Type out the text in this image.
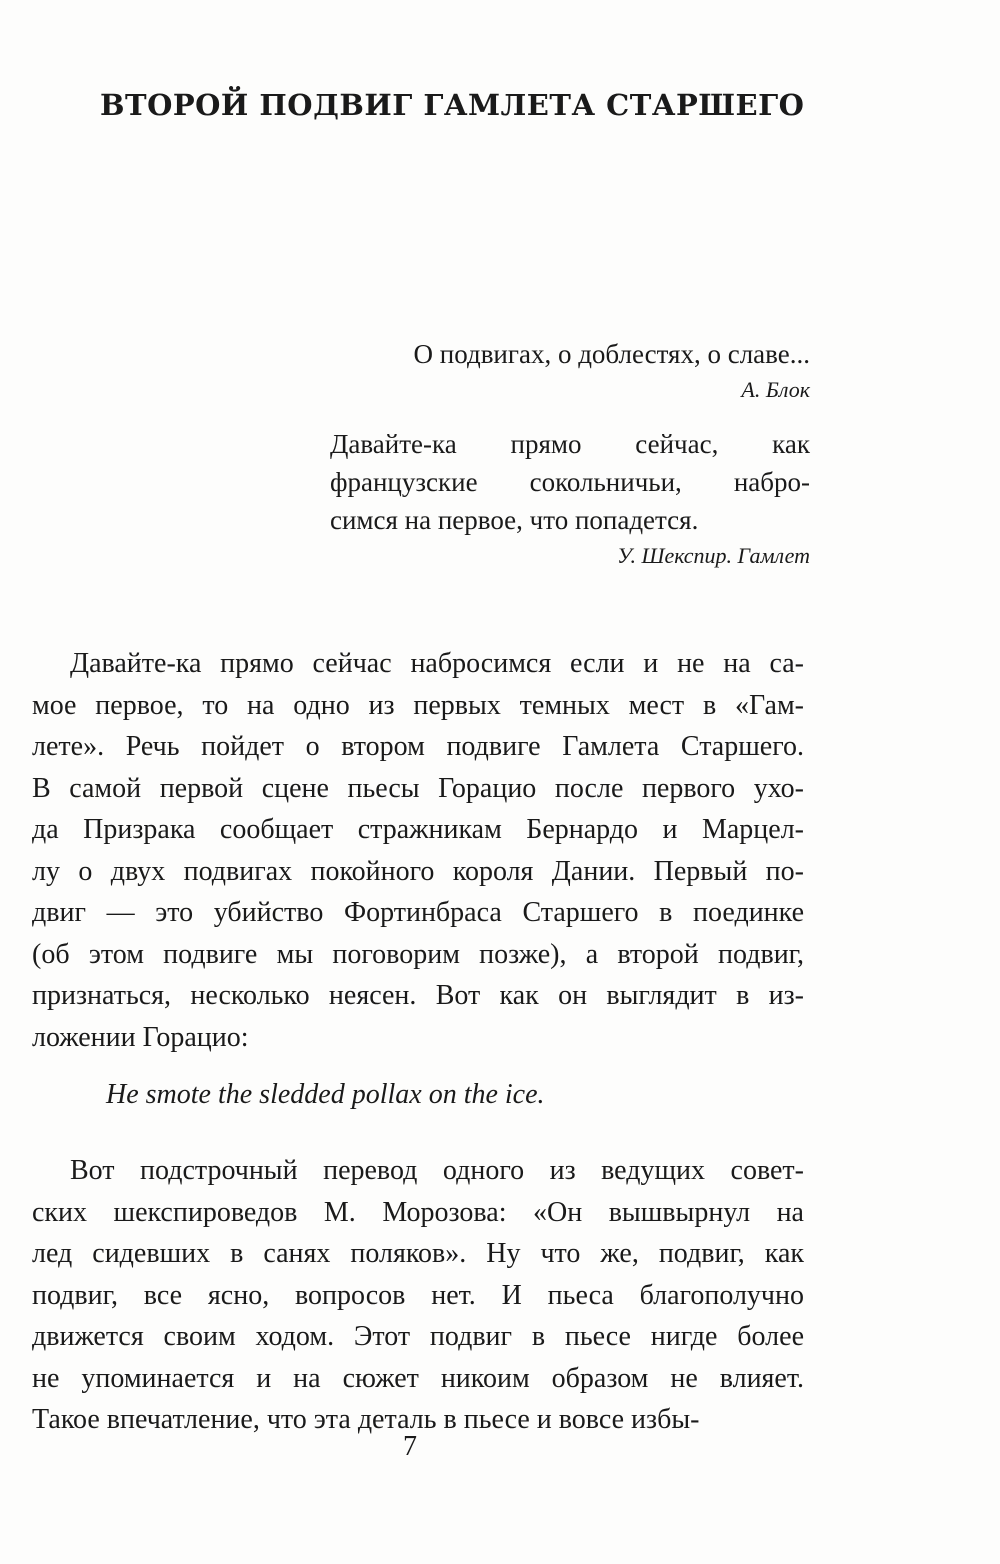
ВТОРОЙ ПОДВИГ ГАМЛЕТА СТАРШЕГО

О подвигах, о доблестях, о славе...

А. Блок

Давайте-ка прямо сейчас, как

французские сокольничьи, набро-

симся на первое, что попадется.

У. Шекспир. Гамлет

Давайте-ка прямо сейчас набросимся если и не на са-

мое первое, то на одно из первых темных мест в «Гам-

лете». Речь пойдет о втором подвиге Гамлета Старшего.

В самой первой сцене пьесы Горацио после первого ухо-

да Призрака сообщает стражникам Бернардо и Марцел-

лу о двух подвигах покойного короля Дании. Первый по-

двиг — это убийство Фортинбраса Старшего в поединке

(об этом подвиге мы поговорим позже), а второй подвиг,

признаться, несколько неясен. Вот как он выглядит в из-

ложении Горацио:

He smote the sledded pollax on the ice.

Вот подстрочный перевод одного из ведущих совет-

ских шекспироведов М. Морозова: «Он вышвырнул на

лед сидевших в санях поляков». Ну что же, подвиг, как

подвиг, все ясно, вопросов нет. И пьеса благополучно

движется своим ходом. Этот подвиг в пьесе нигде более

не упоминается и на сюжет никоим образом не влияет.

Такое впечатление, что эта деталь в пьесе и вовсе избы-

7
